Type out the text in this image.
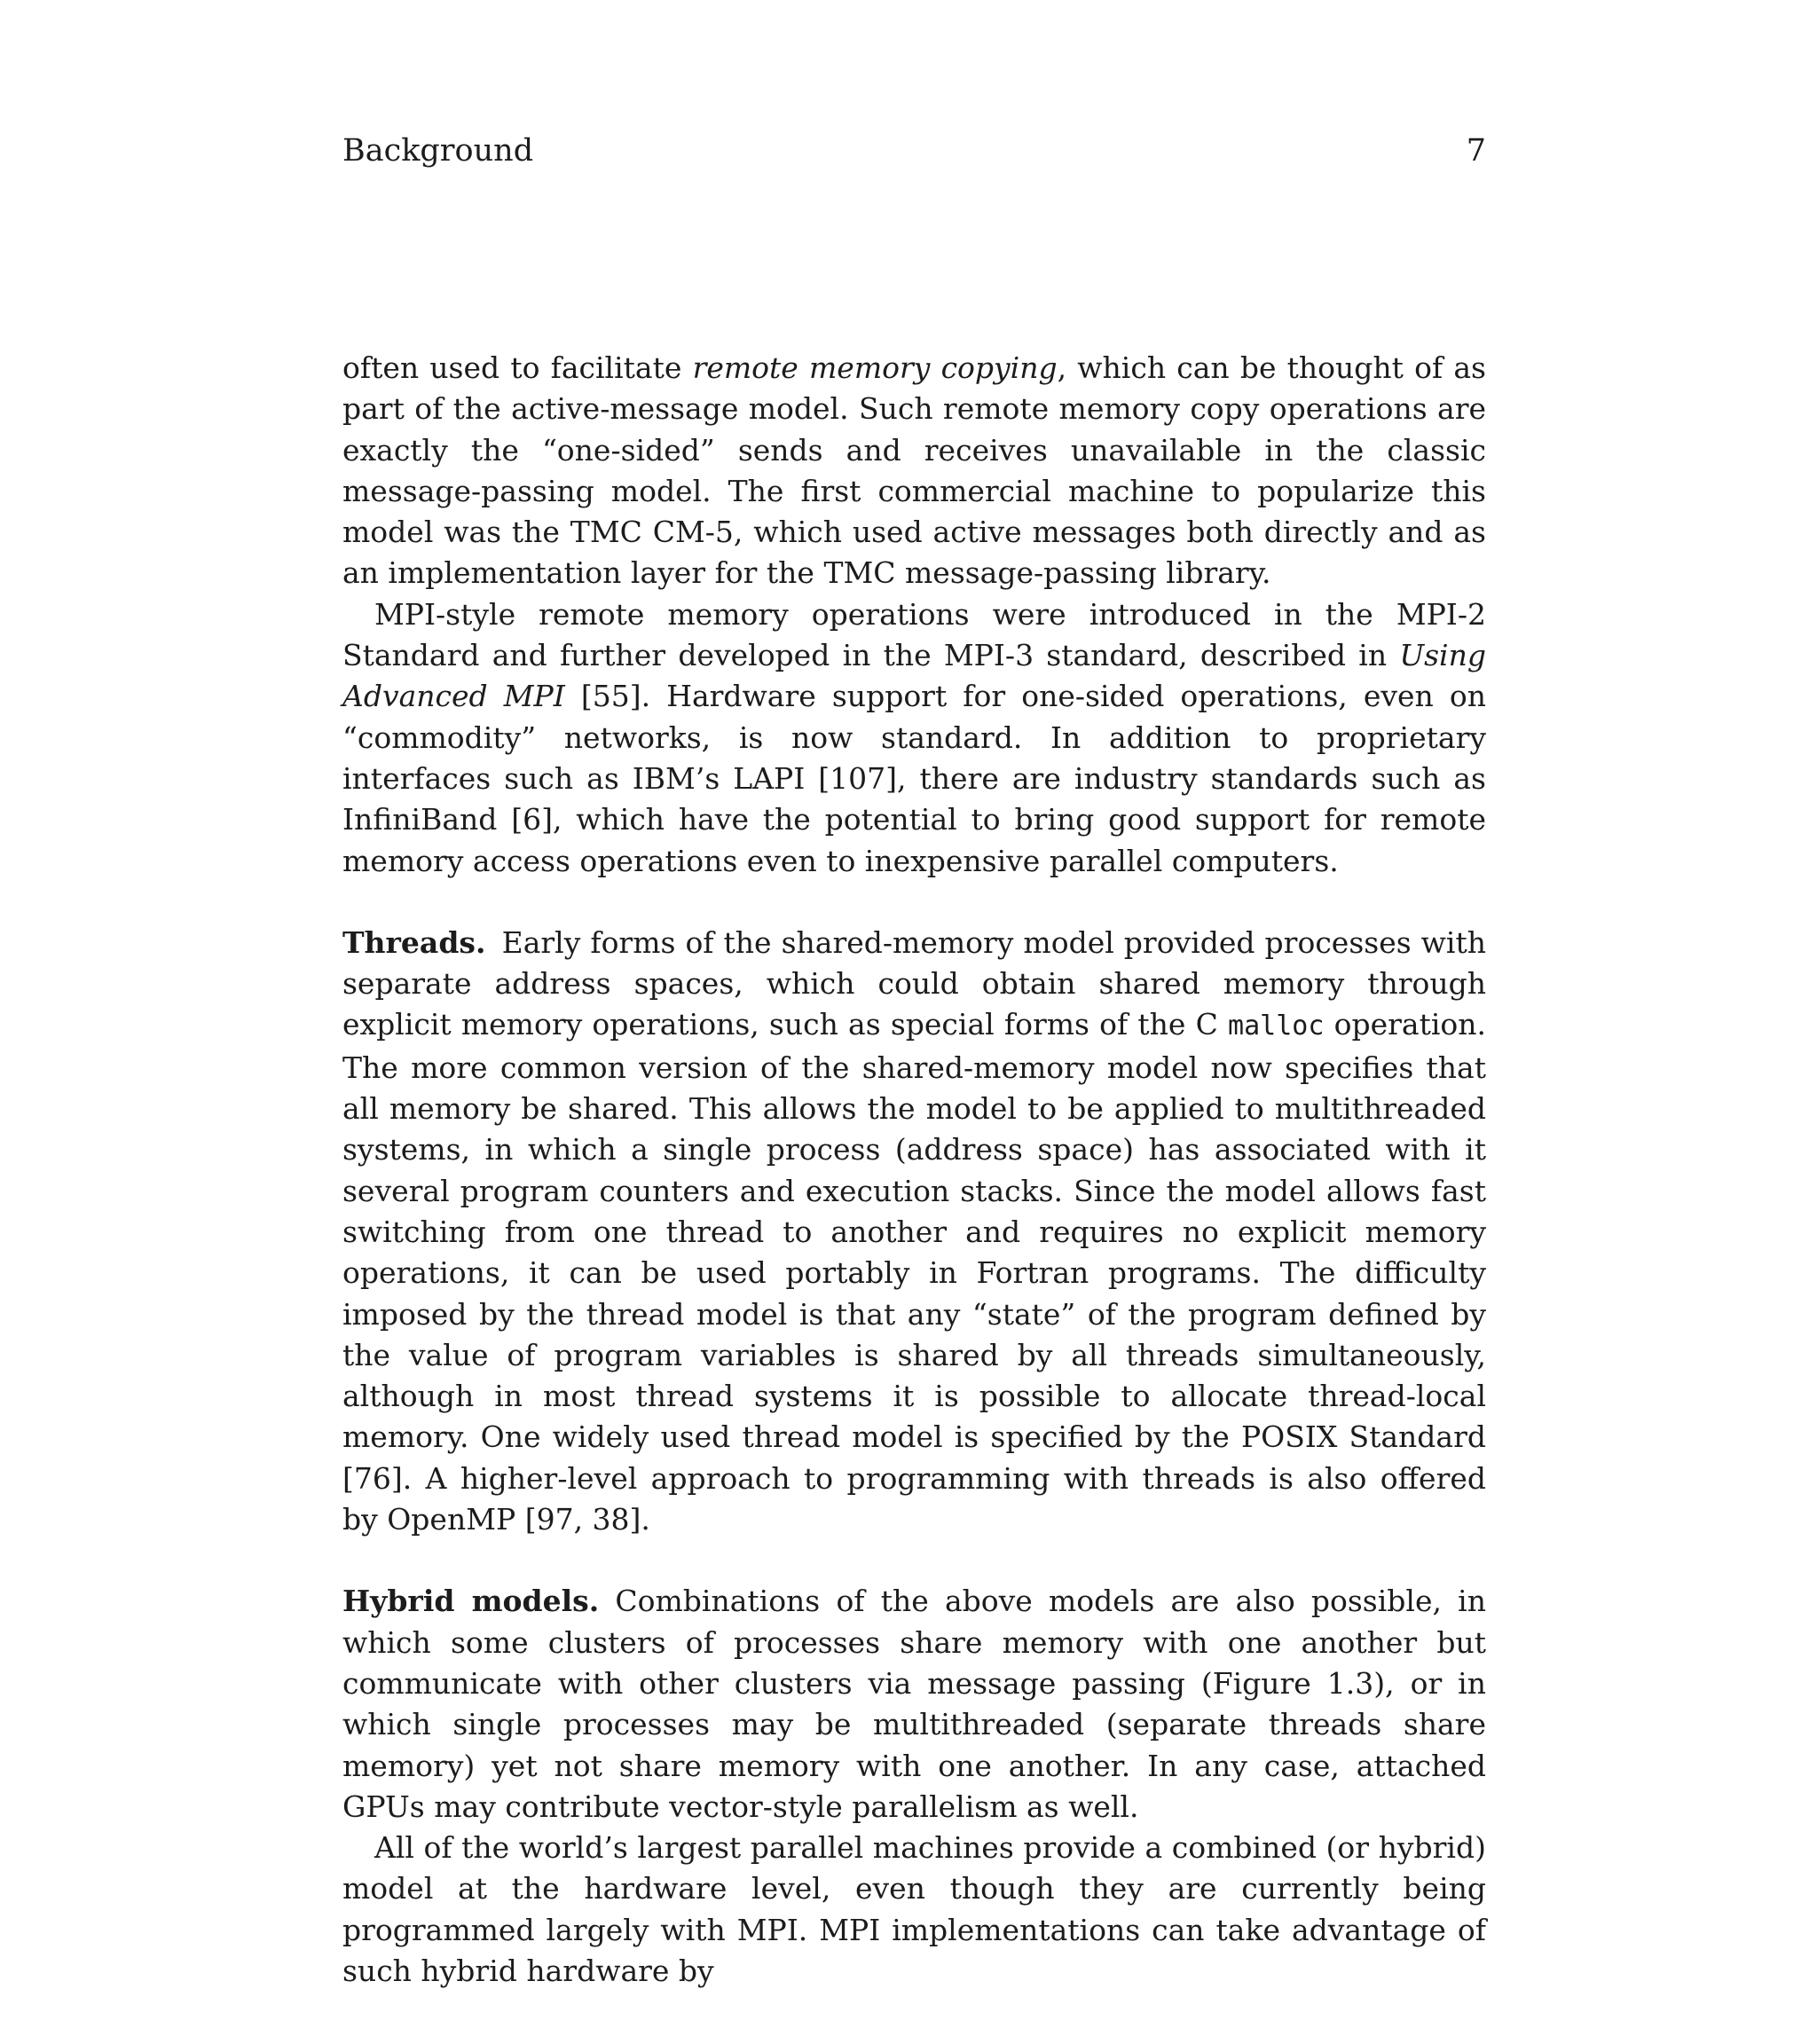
Background	7

often used to facilitate remote memory copying, which can be thought of as part of the active-message model. Such remote memory copy operations are exactly the “one-sided” sends and receives unavailable in the classic message-passing model. The first commercial machine to popularize this model was the TMC CM-5, which used active messages both directly and as an implementation layer for the TMC message-passing library.

MPI-style remote memory operations were introduced in the MPI-2 Standard and further developed in the MPI-3 standard, described in Using Advanced MPI [55]. Hardware support for one-sided operations, even on “commodity” networks, is now standard. In addition to proprietary interfaces such as IBM’s LAPI [107], there are industry standards such as InfiniBand [6], which have the potential to bring good support for remote memory access operations even to inexpensive parallel computers.

Threads. Early forms of the shared-memory model provided processes with separate address spaces, which could obtain shared memory through explicit memory operations, such as special forms of the C malloc operation. The more common version of the shared-memory model now specifies that all memory be shared. This allows the model to be applied to multithreaded systems, in which a single process (address space) has associated with it several program counters and execution stacks. Since the model allows fast switching from one thread to another and requires no explicit memory operations, it can be used portably in Fortran programs. The difficulty imposed by the thread model is that any “state” of the program defined by the value of program variables is shared by all threads simultaneously, although in most thread systems it is possible to allocate thread-local memory. One widely used thread model is specified by the POSIX Standard [76]. A higher-level approach to programming with threads is also offered by OpenMP [97, 38].

Hybrid models. Combinations of the above models are also possible, in which some clusters of processes share memory with one another but communicate with other clusters via message passing (Figure 1.3), or in which single processes may be multithreaded (separate threads share memory) yet not share memory with one another. In any case, attached GPUs may contribute vector-style parallelism as well.

All of the world’s largest parallel machines provide a combined (or hybrid) model at the hardware level, even though they are currently being programmed largely with MPI. MPI implementations can take advantage of such hybrid hardware by
